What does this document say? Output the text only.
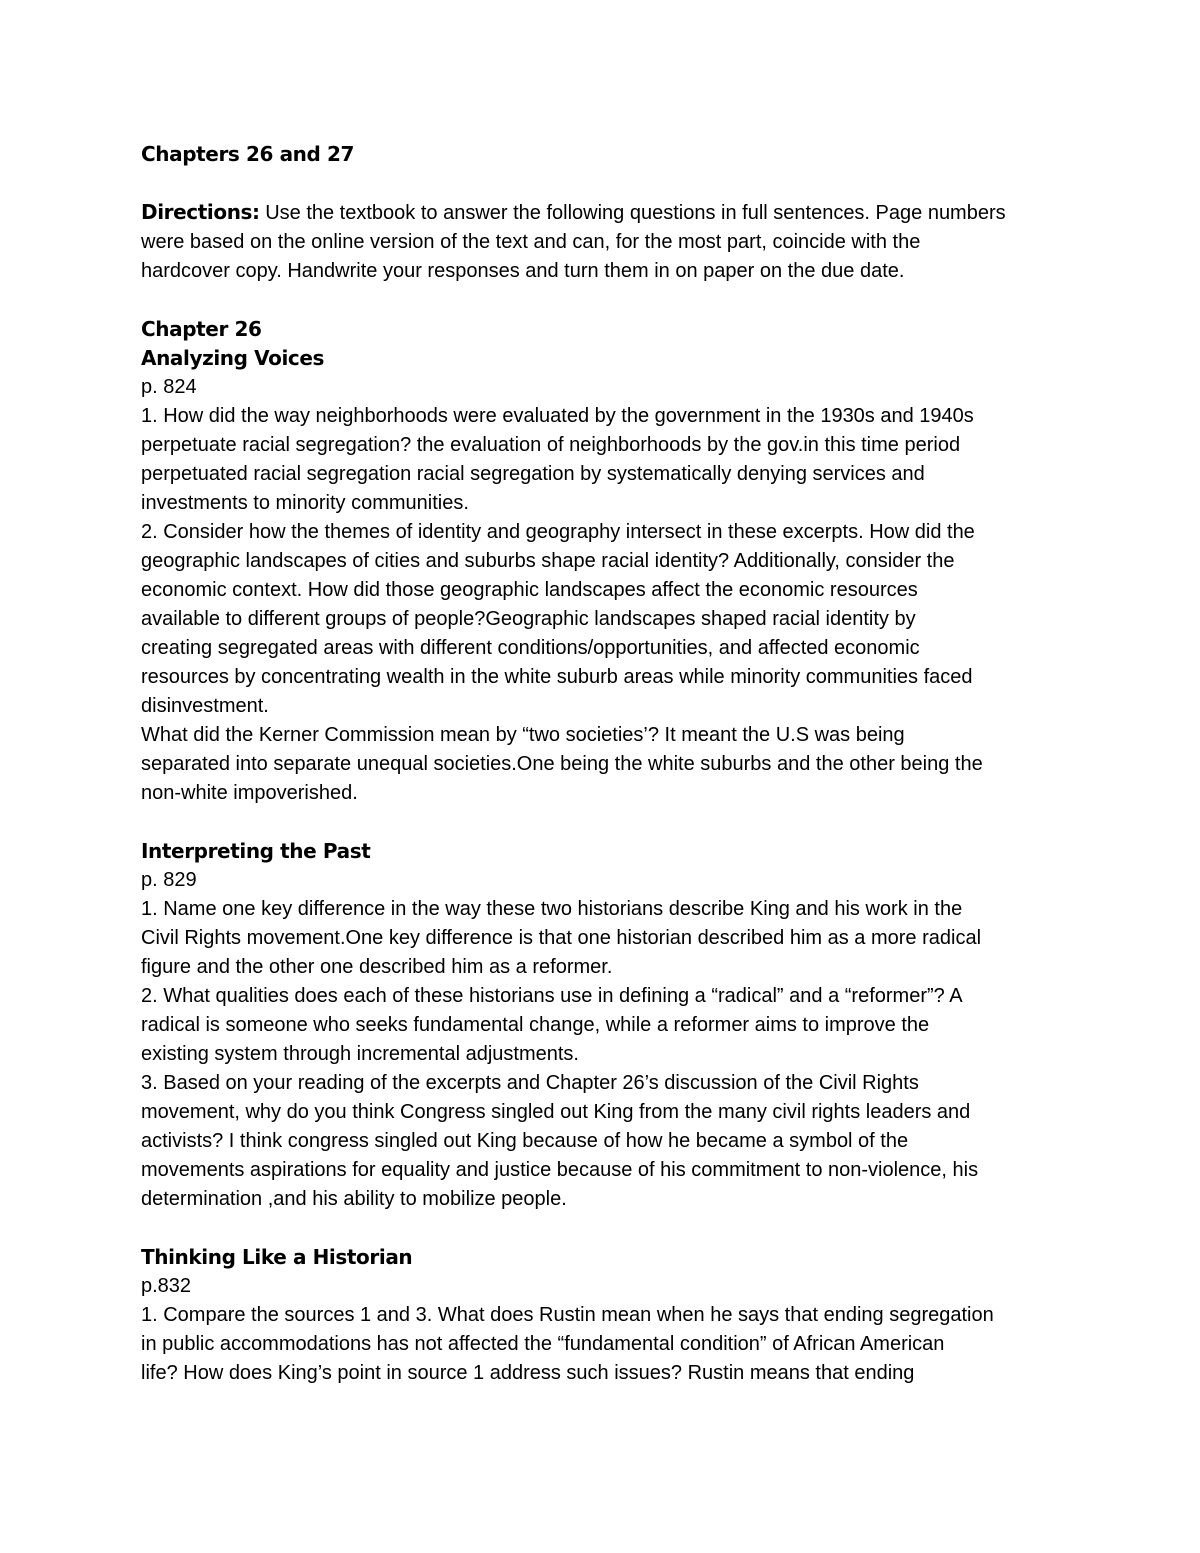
Chapters 26 and 27

Directions: Use the textbook to answer the following questions in full sentences. Page numbers

were based on the online version of the text and can, for the most part, coincide with the

hardcover copy. Handwrite your responses and turn them in on paper on the due date.

Chapter 26

Analyzing Voices

p. 824

1. How did the way neighborhoods were evaluated by the government in the 1930s and 1940s

perpetuate racial segregation? the evaluation of neighborhoods by the gov.in this time period

perpetuated racial segregation racial segregation by systematically denying services and

investments to minority communities.

2. Consider how the themes of identity and geography intersect in these excerpts. How did the

geographic landscapes of cities and suburbs shape racial identity? Additionally, consider the

economic context. How did those geographic landscapes affect the economic resources

available to different groups of people?Geographic landscapes shaped racial identity by

creating segregated areas with different conditions/opportunities, and affected economic

resources by concentrating wealth in the white suburb areas while minority communities faced

disinvestment.

What did the Kerner Commission mean by “two societies’? It meant the U.S was being

separated into separate unequal societies.One being the white suburbs and the other being the

non-white impoverished.

Interpreting the Past

p. 829

1. Name one key difference in the way these two historians describe King and his work in the

Civil Rights movement.One key difference is that one historian described him as a more radical

figure and the other one described him as a reformer.

2. What qualities does each of these historians use in defining a “radical” and a “reformer”? A

radical is someone who seeks fundamental change, while a reformer aims to improve the

existing system through incremental adjustments.

3. Based on your reading of the excerpts and Chapter 26’s discussion of the Civil Rights

movement, why do you think Congress singled out King from the many civil rights leaders and

activists? I think congress singled out King because of how he became a symbol of the

movements aspirations for equality and justice because of his commitment to non-violence, his

determination ,and his ability to mobilize people.

Thinking Like a Historian

p.832

1. Compare the sources 1 and 3. What does Rustin mean when he says that ending segregation

in public accommodations has not affected the “fundamental condition” of African American

life? How does King’s point in source 1 address such issues? Rustin means that ending
